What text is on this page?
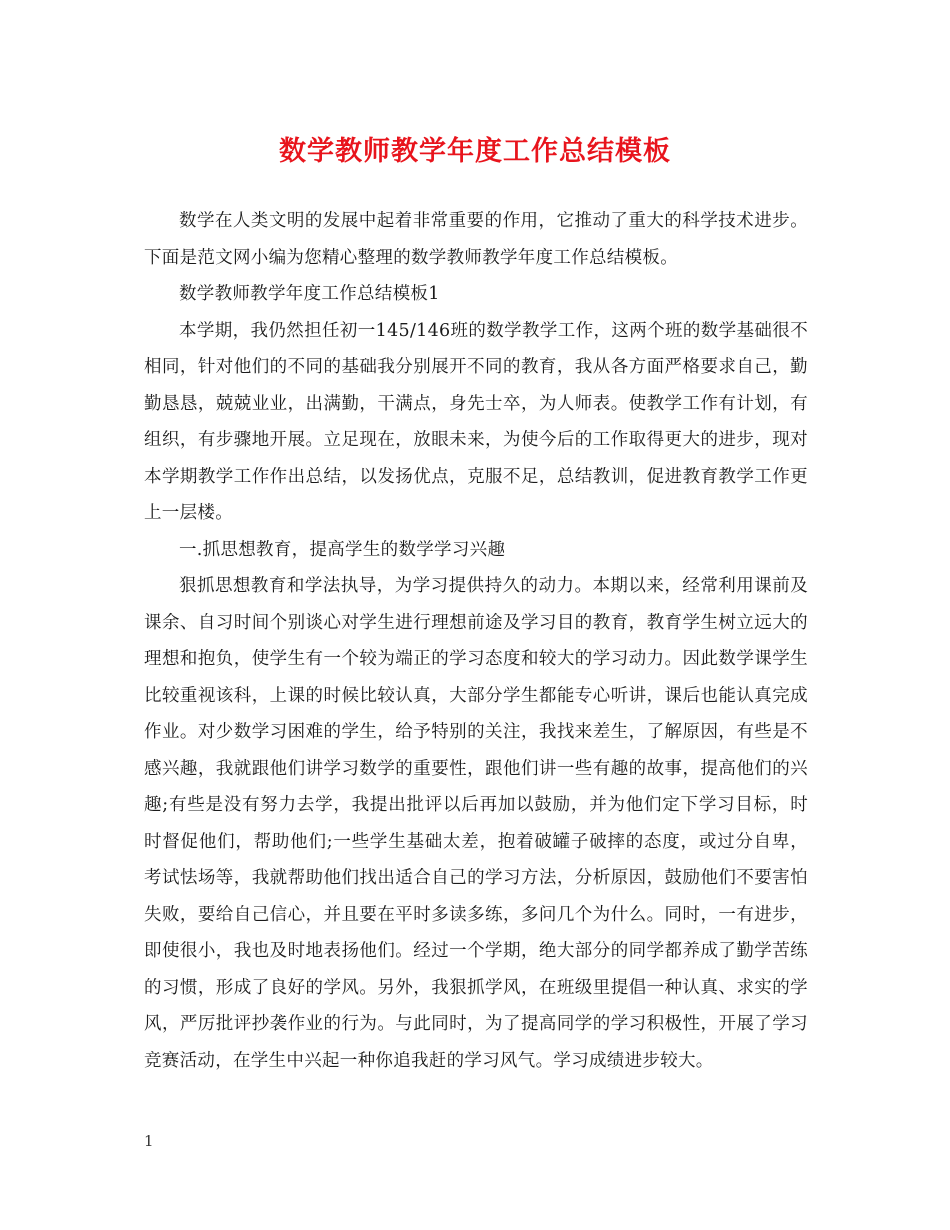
数学教师教学年度工作总结模板

数学在人类文明的发展中起着非常重要的作用，它推动了重大的科学技术进步。下面是范文网小编为您精心整理的数学教师教学年度工作总结模板。

数学教师教学年度工作总结模板1

本学期，我仍然担任初一145/146班的数学教学工作，这两个班的数学基础很不相同，针对他们的不同的基础我分别展开不同的教育，我从各方面严格要求自己，勤勤恳恳，兢兢业业，出满勤，干满点，身先士卒，为人师表。使教学工作有计划，有组织，有步骤地开展。立足现在，放眼未来，为使今后的工作取得更大的进步，现对本学期教学工作作出总结，以发扬优点，克服不足，总结教训，促进教育教学工作更上一层楼。

一.抓思想教育，提高学生的数学学习兴趣

狠抓思想教育和学法执导，为学习提供持久的动力。本期以来，经常利用课前及课余、自习时间个别谈心对学生进行理想前途及学习目的教育，教育学生树立远大的理想和抱负，使学生有一个较为端正的学习态度和较大的学习动力。因此数学课学生比较重视该科，上课的时候比较认真，大部分学生都能专心听讲，课后也能认真完成作业。对少数学习困难的学生，给予特别的关注，我找来差生，了解原因，有些是不感兴趣，我就跟他们讲学习数学的重要性，跟他们讲一些有趣的故事，提高他们的兴趣;有些是没有努力去学，我提出批评以后再加以鼓励，并为他们定下学习目标，时时督促他们，帮助他们;一些学生基础太差，抱着破罐子破摔的态度，或过分自卑，考试怯场等，我就帮助他们找出适合自己的学习方法，分析原因，鼓励他们不要害怕失败，要给自己信心，并且要在平时多读多练，多问几个为什么。同时，一有进步，即使很小，我也及时地表扬他们。经过一个学期，绝大部分的同学都养成了勤学苦练的习惯，形成了良好的学风。另外，我狠抓学风，在班级里提倡一种认真、求实的学风，严厉批评抄袭作业的行为。与此同时，为了提高同学的学习积极性，开展了学习竞赛活动，在学生中兴起一种你追我赶的学习风气。学习成绩进步较大。

1
